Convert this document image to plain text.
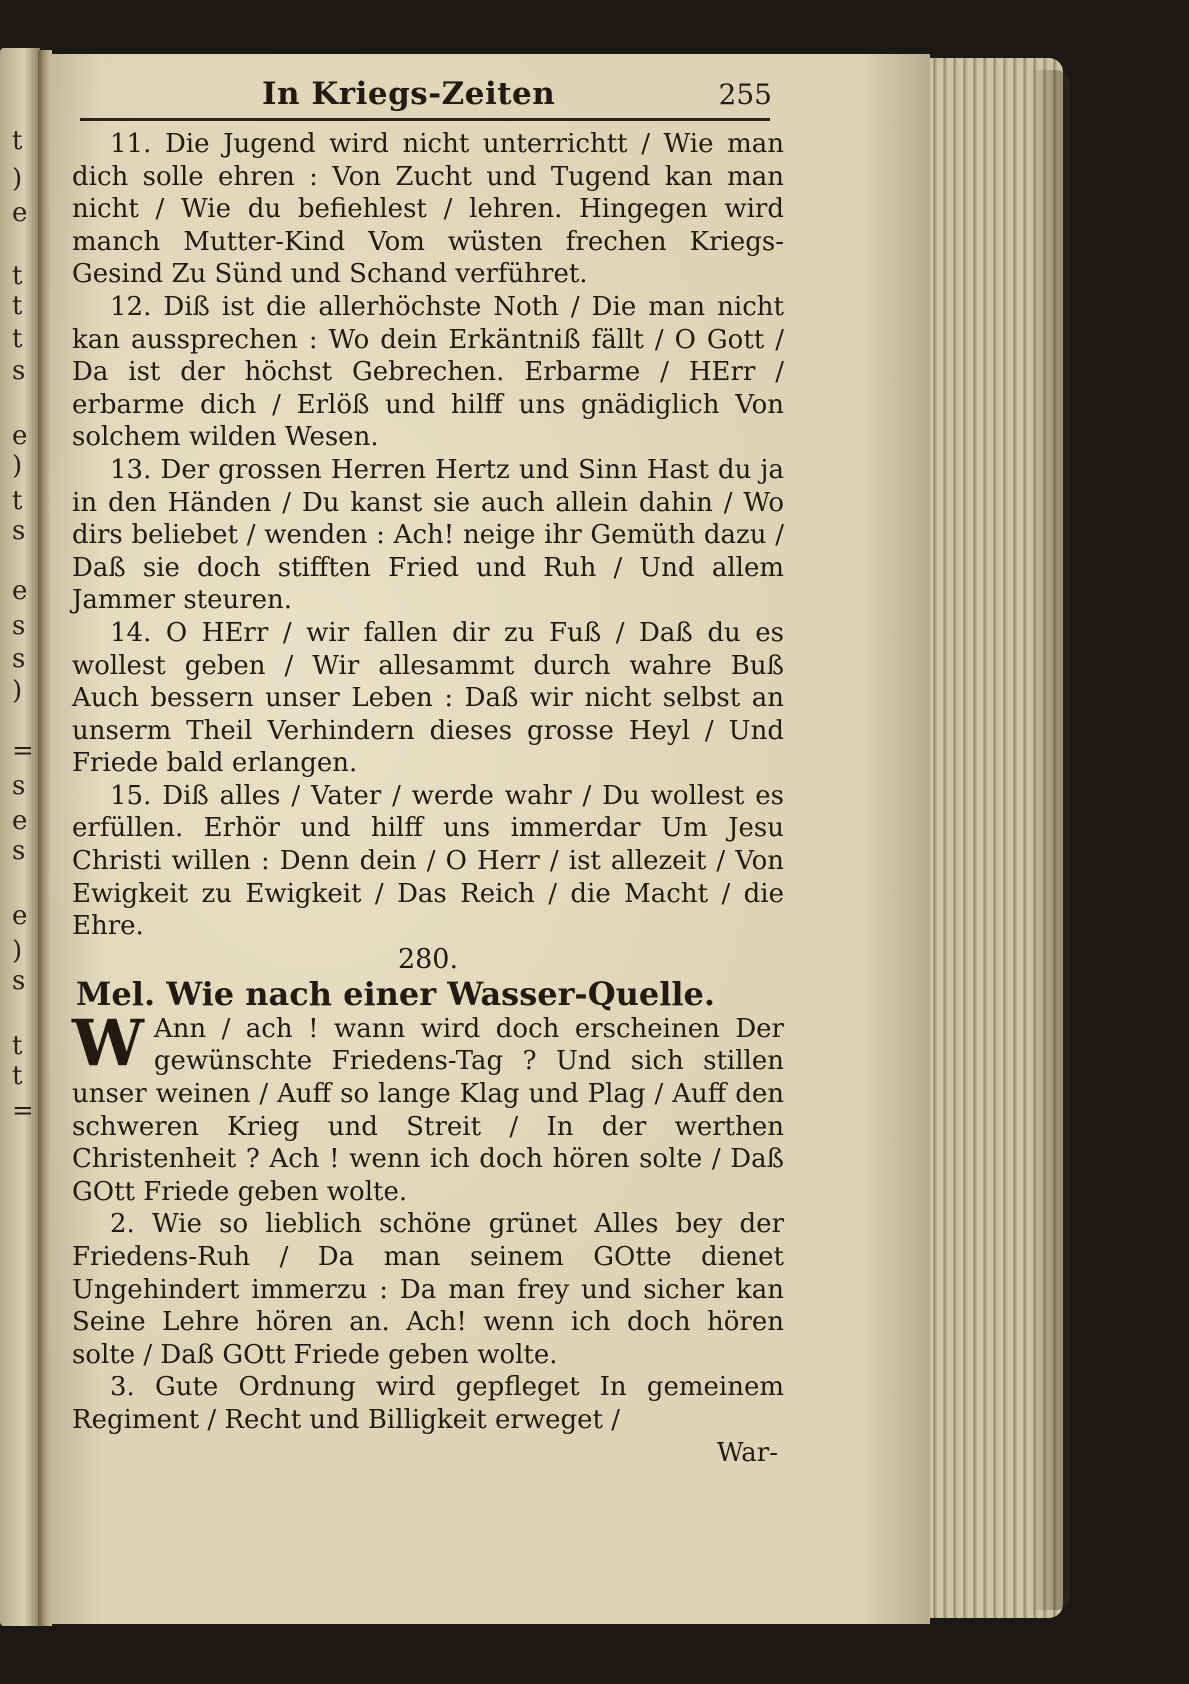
t
)
e
t
t
t
s
e
)
t
s
e
s
s
)
=
s
e
s
e
)
s
t
t
=
In Kriegs-Zeiten	255

11. Die Jugend wird nicht unterrichtt / Wie man dich solle ehren : Von Zucht und Tugend kan man nicht / Wie du befiehlest / lehren. Hingegen wird manch Mutter-Kind Vom wüsten frechen Kriegs-Gesind Zu Sünd und Schand verführet.

12. Diß ist die allerhöchste Noth / Die man nicht kan aussprechen : Wo dein Erkäntniß fällt / O Gott / Da ist der höchst Gebrechen. Erbarme / HErr / erbarme dich / Erlöß und hilff uns gnädiglich Von solchem wilden Wesen.

13. Der grossen Herren Hertz und Sinn Hast du ja in den Händen / Du kanst sie auch allein dahin / Wo dirs beliebet / wenden : Ach! neige ihr Gemüth dazu / Daß sie doch stifften Fried und Ruh / Und allem Jammer steuren.

14. O HErr / wir fallen dir zu Fuß / Daß du es wollest geben / Wir allesammt durch wahre Buß Auch bessern unser Leben : Daß wir nicht selbst an unserm Theil Verhindern dieses grosse Heyl / Und Friede bald erlangen.

15. Diß alles / Vater / werde wahr / Du wollest es erfüllen. Erhör und hilff uns immerdar Um Jesu Christi willen : Denn dein / O Herr / ist allezeit / Von Ewigkeit zu Ewigkeit / Das Reich / die Macht / die Ehre.

280.

Mel. Wie nach einer Wasser-Quelle.

W Ann / ach ! wann wird doch erscheinen Der gewünschte Friedens-Tag ? Und sich stillen unser weinen / Auff so lange Klag und Plag / Auff den schweren Krieg und Streit / In der werthen Christenheit ? Ach ! wenn ich doch hören solte / Daß GOtt Friede geben wolte.

2. Wie so lieblich schöne grünet Alles bey der Friedens-Ruh / Da man seinem GOtte dienet Ungehindert immerzu : Da man frey und sicher kan Seine Lehre hören an. Ach! wenn ich doch hören solte / Daß GOtt Friede geben wolte.

3. Gute Ordnung wird gepfleget In gemeinem Regiment / Recht und Billigkeit erweget /

War-
